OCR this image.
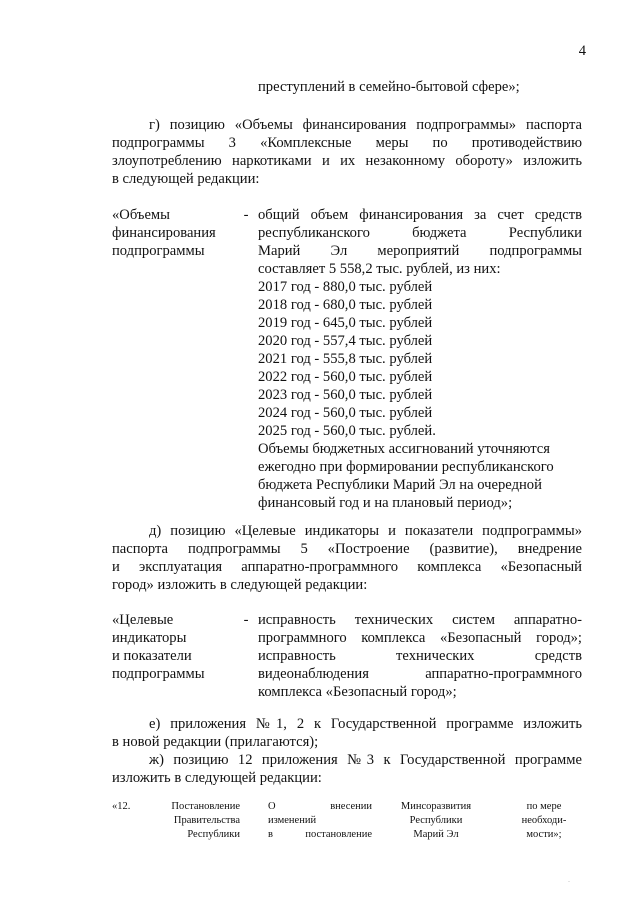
4
преступлений в семейно-бытовой сфере»;
г) позицию «Объемы финансирования подпрограммы» паспорта
подпрограммы 3 «Комплексные меры по противодействию
злоупотреблению наркотиками и их незаконному обороту» изложить
в следующей редакции:
«Объемы
финансирования
подпрограммы
- общий объем финансирования за счет средств
республиканского бюджета Республики
Марий Эл мероприятий подпрограммы
составляет 5 558,2 тыс. рублей, из них:
2017 год - 880,0 тыс. рублей
2018 год - 680,0 тыс. рублей
2019 год - 645,0 тыс. рублей
2020 год - 557,4 тыс. рублей
2021 год - 555,8 тыс. рублей
2022 год - 560,0 тыс. рублей
2023 год - 560,0 тыс. рублей
2024 год - 560,0 тыс. рублей
2025 год - 560,0 тыс. рублей.
Объемы бюджетных ассигнований уточняются
ежегодно при формировании республиканского
бюджета Республики Марий Эл на очередной
финансовый год и на плановый период»;
д) позицию «Целевые индикаторы и показатели подпрограммы»
паспорта подпрограммы 5 «Построение (развитие), внедрение
и эксплуатация аппаратно-программного комплекса «Безопасный
город» изложить в следующей редакции:
«Целевые
индикаторы
и показатели
подпрограммы
- исправность технических систем аппаратно-
программного комплекса «Безопасный город»;
исправность технических средств
видеонаблюдения аппаратно-программного
комплекса «Безопасный город»;
е) приложения №1, 2 к Государственной программе изложить
в новой редакции (прилагаются);
ж) позицию 12 приложения №3 к Государственной программе
изложить в следующей редакции:
«12.	Постановление
Правительства
Республики
О внесении
изменений
в постановление
Минсоразвития
Республики
Марий Эл
по мере
необходи-
мости»;
.
